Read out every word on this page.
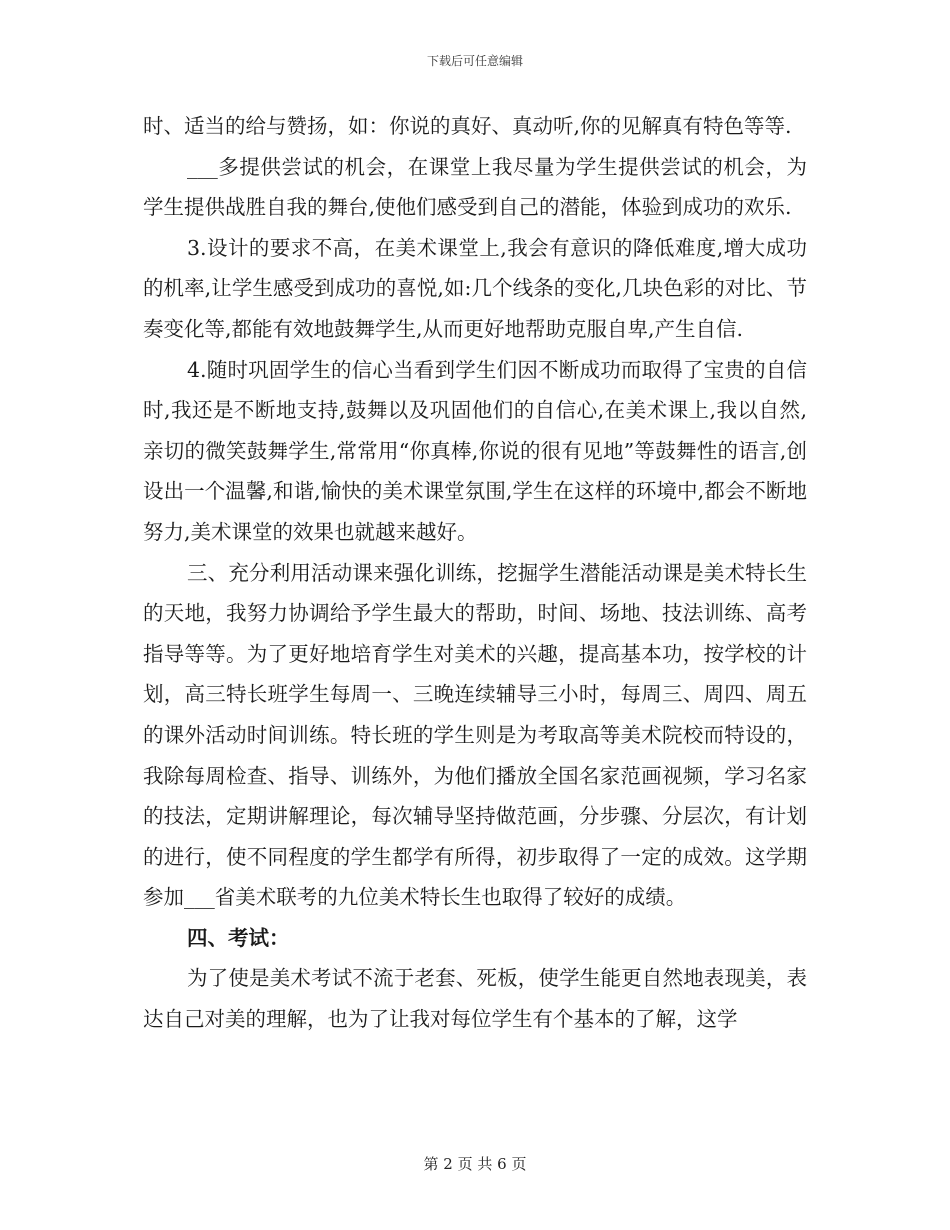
下载后可任意编辑

时、适当的给与赞扬，如：你说的真好、真动听,你的见解真有特色等等.

___多提供尝试的机会，在课堂上我尽量为学生提供尝试的机会，为学生提供战胜自我的舞台,使他们感受到自己的潜能，体验到成功的欢乐.

3.设计的要求不高，在美术课堂上,我会有意识的降低难度,增大成功的机率,让学生感受到成功的喜悦,如:几个线条的变化,几块色彩的对比、节奏变化等,都能有效地鼓舞学生,从而更好地帮助克服自卑,产生自信.

4.随时巩固学生的信心当看到学生们因不断成功而取得了宝贵的自信时,我还是不断地支持,鼓舞以及巩固他们的自信心,在美术课上,我以自然,亲切的微笑鼓舞学生,常常用“你真棒,你说的很有见地”等鼓舞性的语言,创设出一个温馨,和谐,愉快的美术课堂氛围,学生在这样的环境中,都会不断地努力,美术课堂的效果也就越来越好。

三、充分利用活动课来强化训练，挖掘学生潜能活动课是美术特长生的天地，我努力协调给予学生最大的帮助，时间、场地、技法训练、高考指导等等。为了更好地培育学生对美术的兴趣，提高基本功，按学校的计划，高三特长班学生每周一、三晚连续辅导三小时，每周三、周四、周五的课外活动时间训练。特长班的学生则是为考取高等美术院校而特设的，我除每周检查、指导、训练外，为他们播放全国名家范画视频，学习名家的技法，定期讲解理论，每次辅导坚持做范画，分步骤、分层次，有计划的进行，使不同程度的学生都学有所得，初步取得了一定的成效。这学期参加___省美术联考的九位美术特长生也取得了较好的成绩。

四、考试：

为了使是美术考试不流于老套、死板，使学生能更自然地表现美，表达自己对美的理解，也为了让我对每位学生有个基本的了解，这学

第 2 页 共 6 页
